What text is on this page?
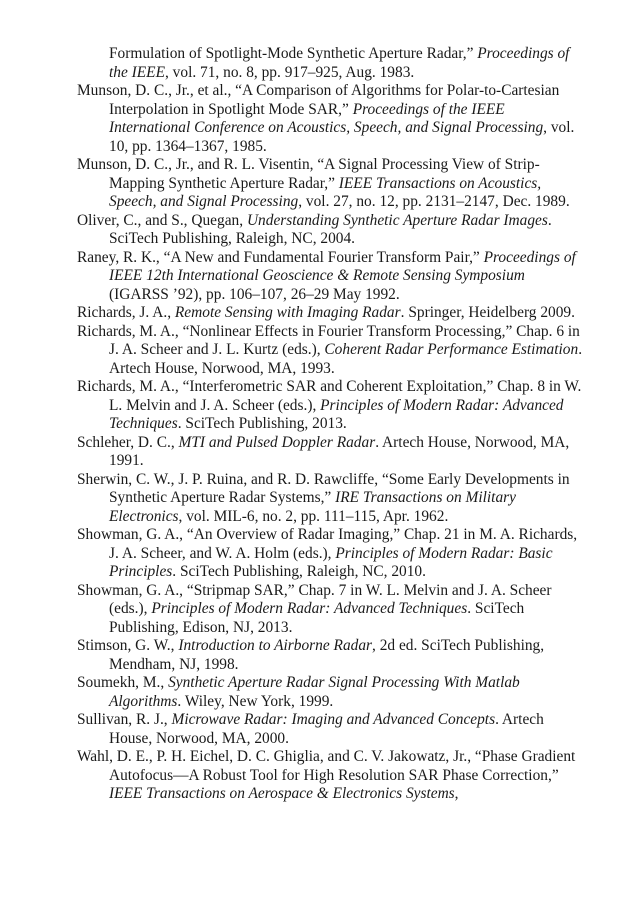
Formulation of Spotlight-Mode Synthetic Aperture Radar,” Proceedings of the IEEE, vol. 71, no. 8, pp. 917–925, Aug. 1983.

Munson, D. C., Jr., et al., “A Comparison of Algorithms for Polar-to-Cartesian Interpolation in Spotlight Mode SAR,” Proceedings of the IEEE International Conference on Acoustics, Speech, and Signal Processing, vol. 10, pp. 1364–1367, 1985.

Munson, D. C., Jr., and R. L. Visentin, “A Signal Processing View of Strip-Mapping Synthetic Aperture Radar,” IEEE Transactions on Acoustics, Speech, and Signal Processing, vol. 27, no. 12, pp. 2131–2147, Dec. 1989.

Oliver, C., and S., Quegan, Understanding Synthetic Aperture Radar Images. SciTech Publishing, Raleigh, NC, 2004.

Raney, R. K., “A New and Fundamental Fourier Transform Pair,” Proceedings of IEEE 12th International Geoscience & Remote Sensing Symposium (IGARSS ’92), pp. 106–107, 26–29 May 1992.

Richards, J. A., Remote Sensing with Imaging Radar. Springer, Heidelberg 2009.

Richards, M. A., “Nonlinear Effects in Fourier Transform Processing,” Chap. 6 in J. A. Scheer and J. L. Kurtz (eds.), Coherent Radar Performance Estimation. Artech House, Norwood, MA, 1993.

Richards, M. A., “Interferometric SAR and Coherent Exploitation,” Chap. 8 in W. L. Melvin and J. A. Scheer (eds.), Principles of Modern Radar: Advanced Techniques. SciTech Publishing, 2013.

Schleher, D. C., MTI and Pulsed Doppler Radar. Artech House, Norwood, MA, 1991.

Sherwin, C. W., J. P. Ruina, and R. D. Rawcliffe, “Some Early Developments in Synthetic Aperture Radar Systems,” IRE Transactions on Military Electronics, vol. MIL-6, no. 2, pp. 111–115, Apr. 1962.

Showman, G. A., “An Overview of Radar Imaging,” Chap. 21 in M. A. Richards, J. A. Scheer, and W. A. Holm (eds.), Principles of Modern Radar: Basic Principles. SciTech Publishing, Raleigh, NC, 2010.

Showman, G. A., “Stripmap SAR,” Chap. 7 in W. L. Melvin and J. A. Scheer (eds.), Principles of Modern Radar: Advanced Techniques. SciTech Publishing, Edison, NJ, 2013.

Stimson, G. W., Introduction to Airborne Radar, 2d ed. SciTech Publishing, Mendham, NJ, 1998.

Soumekh, M., Synthetic Aperture Radar Signal Processing With Matlab Algorithms. Wiley, New York, 1999.

Sullivan, R. J., Microwave Radar: Imaging and Advanced Concepts. Artech House, Norwood, MA, 2000.

Wahl, D. E., P. H. Eichel, D. C. Ghiglia, and C. V. Jakowatz, Jr., “Phase Gradient Autofocus—A Robust Tool for High Resolution SAR Phase Correction,” IEEE Transactions on Aerospace & Electronics Systems,
